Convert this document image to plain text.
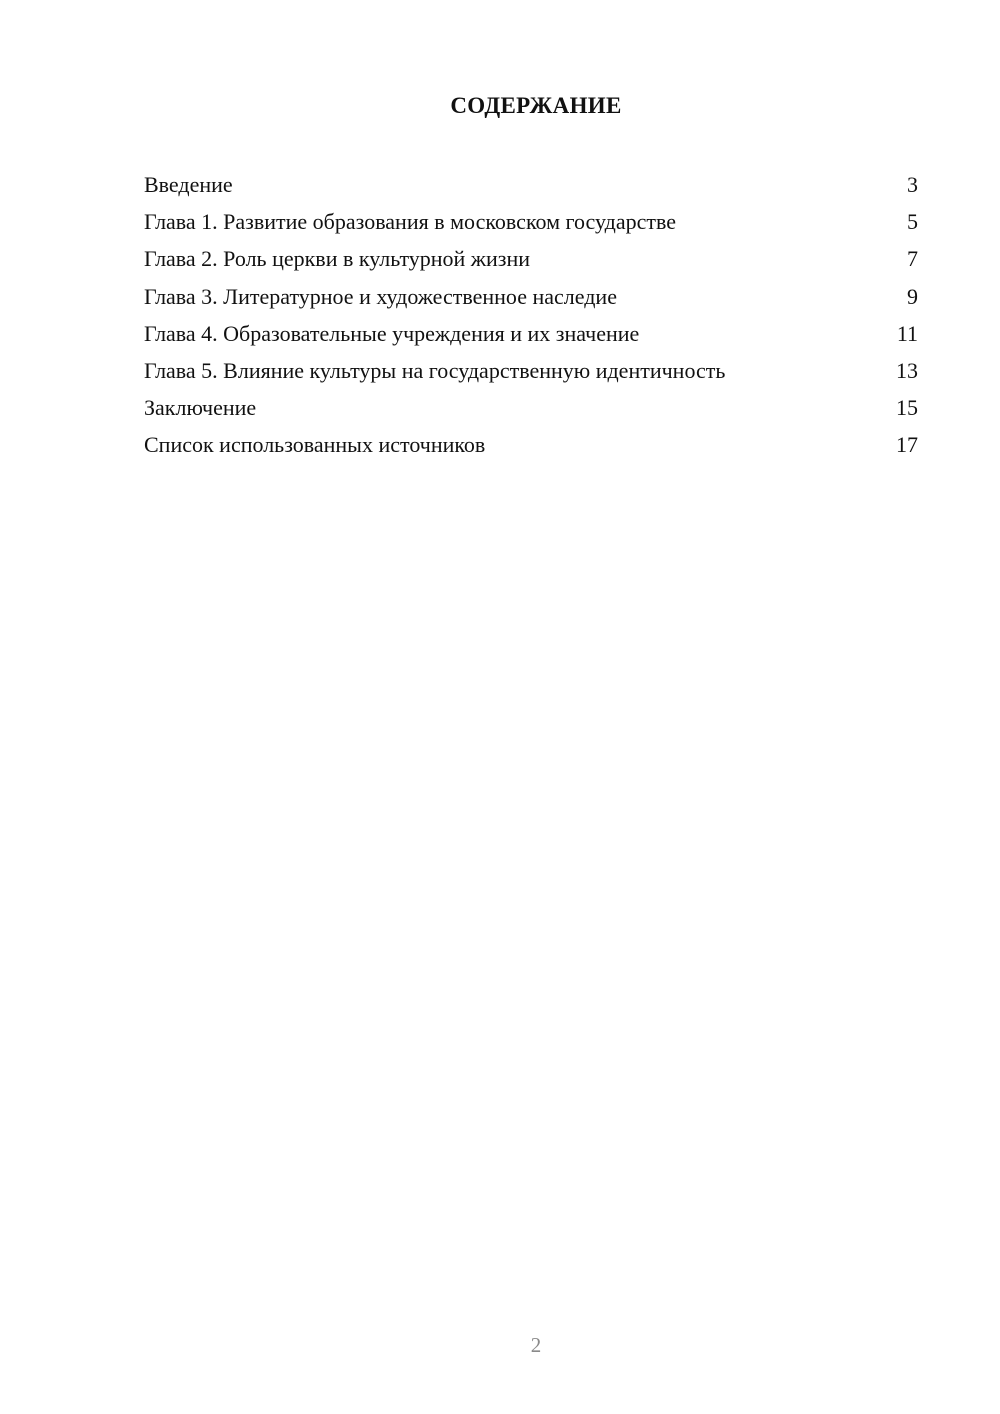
СОДЕРЖАНИЕ
Введение	3
Глава 1. Развитие образования в московском государстве	5
Глава 2. Роль церкви в культурной жизни	7
Глава 3. Литературное и художественное наследие	9
Глава 4. Образовательные учреждения и их значение	11
Глава 5. Влияние культуры на государственную идентичность	13
Заключение	15
Список использованных источников	17
2
